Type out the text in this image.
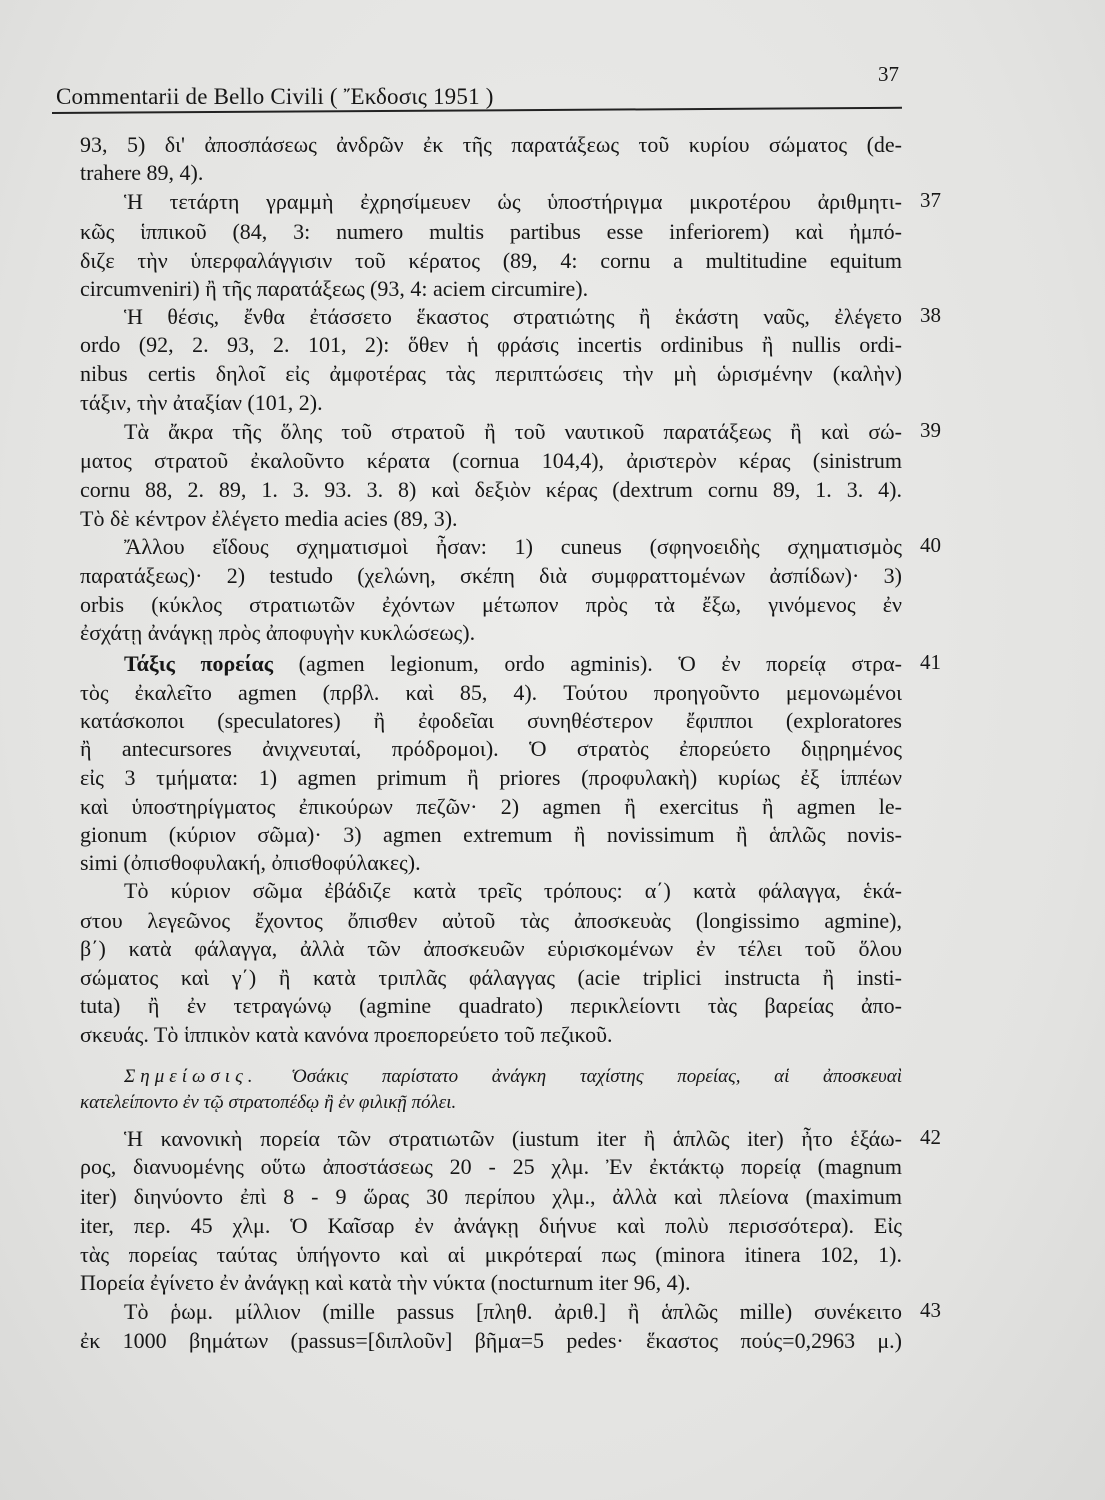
Commentarii de Bello Civili ( Ἔκδοσις 1951 )
37
93, 5) δι' ἀποσπάσεως ἀνδρῶν ἐκ τῆς παρατάξεως τοῦ κυρίου σώματος (de-
trahere 89, 4).
Ἡ τετάρτη γραμμὴ ἐχρησίμευεν ὡς ὑποστήριγμα μικροτέρου ἀριθμητι- 37
κῶς ἱππικοῦ (84, 3: numero multis partibus esse inferiorem) καὶ ἠμπό-
διζε τὴν ὑπερφαλάγγισιν τοῦ κέρατος (89, 4: cornu a multitudine equitum
circumveniri) ἢ τῆς παρατάξεως (93, 4: aciem circumire).
Ἡ θέσις, ἔνθα ἐτάσσετο ἕκαστος στρατιώτης ἢ ἑκάστη ναῦς, ἐλέγετο 38
ordo (92, 2. 93, 2. 101, 2): ὅθεν ἡ φράσις incertis ordinibus ἢ nullis ordi-
nibus certis δηλοῖ εἰς ἀμφοτέρας τὰς περιπτώσεις τὴν μὴ ὡρισμένην (καλὴν)
τάξιν, τὴν ἀταξίαν (101, 2).
Τὰ ἄκρα τῆς ὅλης τοῦ στρατοῦ ἢ τοῦ ναυτικοῦ παρατάξεως ἢ καὶ σώ- 39
ματος στρατοῦ ἐκαλοῦντο κέρατα (cornua 104,4), ἀριστερὸν κέρας (sinistrum
cornu 88, 2. 89, 1. 3. 93. 3. 8) καὶ δεξιὸν κέρας (dextrum cornu 89, 1. 3. 4).
Τὸ δὲ κέντρον ἐλέγετο media acies (89, 3).
Ἄλλου εἴδους σχηματισμοὶ ἦσαν: 1) cuneus (σφηνοειδὴς σχηματισμὸς 40
παρατάξεως)· 2) testudo (χελώνη, σκέπη διὰ συμφραττομένων ἀσπίδων)· 3)
orbis (κύκλος στρατιωτῶν ἐχόντων μέτωπον πρὸς τὰ ἔξω, γινόμενος ἐν
ἐσχάτῃ ἀνάγκῃ πρὸς ἀποφυγὴν κυκλώσεως).
Τάξις πορείας (agmen legionum, ordo agminis). Ὁ ἐν πορείᾳ στρα- 41
τὸς ἐκαλεῖτο agmen (πρβλ. καὶ 85, 4). Τούτου προηγοῦντο μεμονωμένοι
κατάσκοποι (speculatores) ἢ ἐφοδεῖαι συνηθέστερον ἔφιπποι (exploratores
ἢ antecursores ἀνιχνευταί, πρόδρομοι). Ὁ στρατὸς ἐπορεύετο διῃρημένος
εἰς 3 τμήματα: 1) agmen primum ἢ priores (προφυλακὴ) κυρίως ἐξ ἱππέων
καὶ ὑποστηρίγματος ἐπικούρων πεζῶν· 2) agmen ἢ exercitus ἢ agmen le-
gionum (κύριον σῶμα)· 3) agmen extremum ἢ novissimum ἢ ἁπλῶς novis-
simi (ὀπισθοφυλακή, ὀπισθοφύλακες).
Τὸ κύριον σῶμα ἐβάδιζε κατὰ τρεῖς τρόπους: α΄) κατὰ φάλαγγα, ἑκά-
στου λεγεῶνος ἔχοντος ὄπισθεν αὐτοῦ τὰς ἀποσκευὰς (longissimo agmine),
β΄) κατὰ φάλαγγα, ἀλλὰ τῶν ἀποσκευῶν εὑρισκομένων ἐν τέλει τοῦ ὅλου
σώματος καὶ γ΄) ἢ κατὰ τριπλᾶς φάλαγγας (acie triplici instructa ἢ insti-
tuta) ἢ ἐν τετραγώνῳ (agmine quadrato) περικλείοντι τὰς βαρείας ἀπο-
σκευάς. Τὸ ἱππικὸν κατὰ κανόνα προεπορεύετο τοῦ πεζικοῦ.
Σημείωσις. Ὁσάκις παρίστατο ἀνάγκη ταχίστης πορείας, αἱ ἀποσκευαὶ
κατελείποντο ἐν τῷ στρατοπέδῳ ἢ ἐν φιλικῇ πόλει.
Ἡ κανονικὴ πορεία τῶν στρατιωτῶν (iustum iter ἢ ἁπλῶς iter) ἦτο ἑξάω- 42
ρος, διανυομένης οὕτω ἀποστάσεως 20 - 25 χλμ. Ἐν ἐκτάκτῳ πορείᾳ (magnum
iter) διηνύοντο ἐπὶ 8 - 9 ὥρας 30 περίπου χλμ., ἀλλὰ καὶ πλείονα (maximum
iter, περ. 45 χλμ. Ὁ Καῖσαρ ἐν ἀνάγκῃ διήνυε καὶ πολὺ περισσότερα). Εἰς
τὰς πορείας ταύτας ὑπήγοντο καὶ αἱ μικρότεραί πως (minora itinera 102, 1).
Πορεία ἐγίνετο ἐν ἀνάγκῃ καὶ κατὰ τὴν νύκτα (nocturnum iter 96, 4).
Τὸ ῥωμ. μίλλιον (mille passus [πληθ. ἀριθ.] ἢ ἁπλῶς mille) συνέκειτο 43
ἐκ 1000 βημάτων (passus=[διπλοῦν] βῆμα=5 pedes· ἕκαστος πούς=0,2963 μ.)
